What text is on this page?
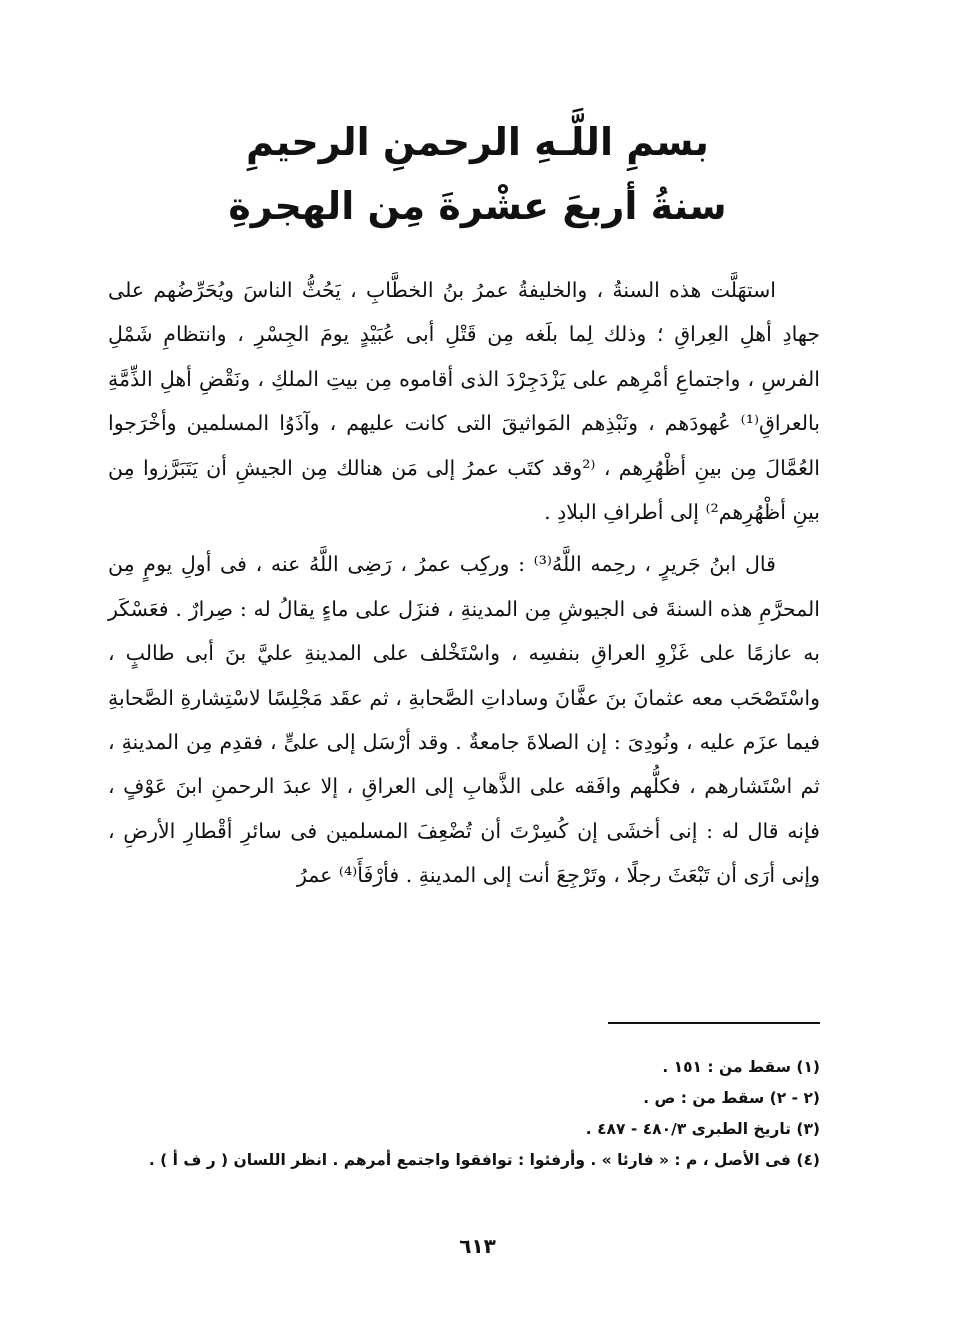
بسمِ اللَّـهِ الرحمنِ الرحيمِ

سنةُ أربعَ عشْرةَ مِن الهجرةِ

استهَلَّت هذه السنةُ ، والخليفةُ عمرُ بنُ الخطَّابِ ، يَحُثُّ الناسَ ويُحَرِّضُهم على جهادِ أهلِ العِراقِ ؛ وذلك لِما بلَغه مِن قَتْلِ أبى عُبَيْدٍ يومَ الجِسْرِ ، وانتظامِ شَمْلِ الفرسِ ، واجتماعِ أمْرِهم على يَزْدَجِرْدَ الذى أقاموه مِن بيتِ الملكِ ، ونَقْضِ أهلِ الذِّمَّةِ بالعراقِ⁽¹⁾ عُهودَهم ، ونَبْذِهم المَواثيقَ التى كانت عليهم ، وآذَوُا المسلمين وأخْرَجوا العُمَّالَ مِن بينِ أظْهُرِهم ، ⁽²وقد كتَب عمرُ إلى مَن هنالك مِن الجيشِ أن يَتَبَرَّزوا مِن بينِ أظْهُرِهم²⁾ إلى أطرافِ البلادِ .

قال ابنُ جَريرٍ ، رحِمه اللَّهُ⁽³⁾ : وركِب عمرُ ، رَضِى اللَّهُ عنه ، فى أولِ يومٍ مِن المحرَّمِ هذه السنةَ فى الجيوشِ مِن المدينةِ ، فنزَل على ماءٍ يقالُ له : صِرارٌ . فعَسْكَر به عازمًا على غَزْوِ العراقِ بنفسِه ، واسْتَخْلف على المدينةِ عليَّ بنَ أبى طالبٍ ، واسْتَصْحَب معه عثمانَ بنَ عفَّانَ وساداتِ الصَّحابةِ ، ثم عقَد مَجْلِسًا لاسْتِشارةِ الصَّحابةِ فيما عزَم عليه ، ونُودِىَ : إن الصلاةَ جامعةٌ . وقد أرْسَل إلى علىٍّ ، فقدِم مِن المدينةِ ، ثم اسْتَشارهم ، فكلُّهم وافَقه على الذَّهابِ إلى العراقِ ، إلا عبدَ الرحمنِ ابنَ عَوْفٍ ، فإنه قال له : إنى أخشَى إن كُسِرْتَ أن تُضْعِفَ المسلمين فى سائرِ أقْطارِ الأرضِ ، وإنى أرَى أن تَبْعَثَ رجلًا ، وتَرْجِعَ أنت إلى المدينةِ . فأرْفَأَ⁽⁴⁾ عمرُ

(١) سقط من : ١٥١ .

(٢ - ٢) سقط من : ص .

(٣) تاريخ الطبرى ٤٨٠/٣ - ٤٨٧ .

(٤) فى الأصل ، م : « فارئا » . وأرفئوا : توافقوا واجتمع أمرهم . انظر اللسان ( ر ف أ ) .

٦١٣
